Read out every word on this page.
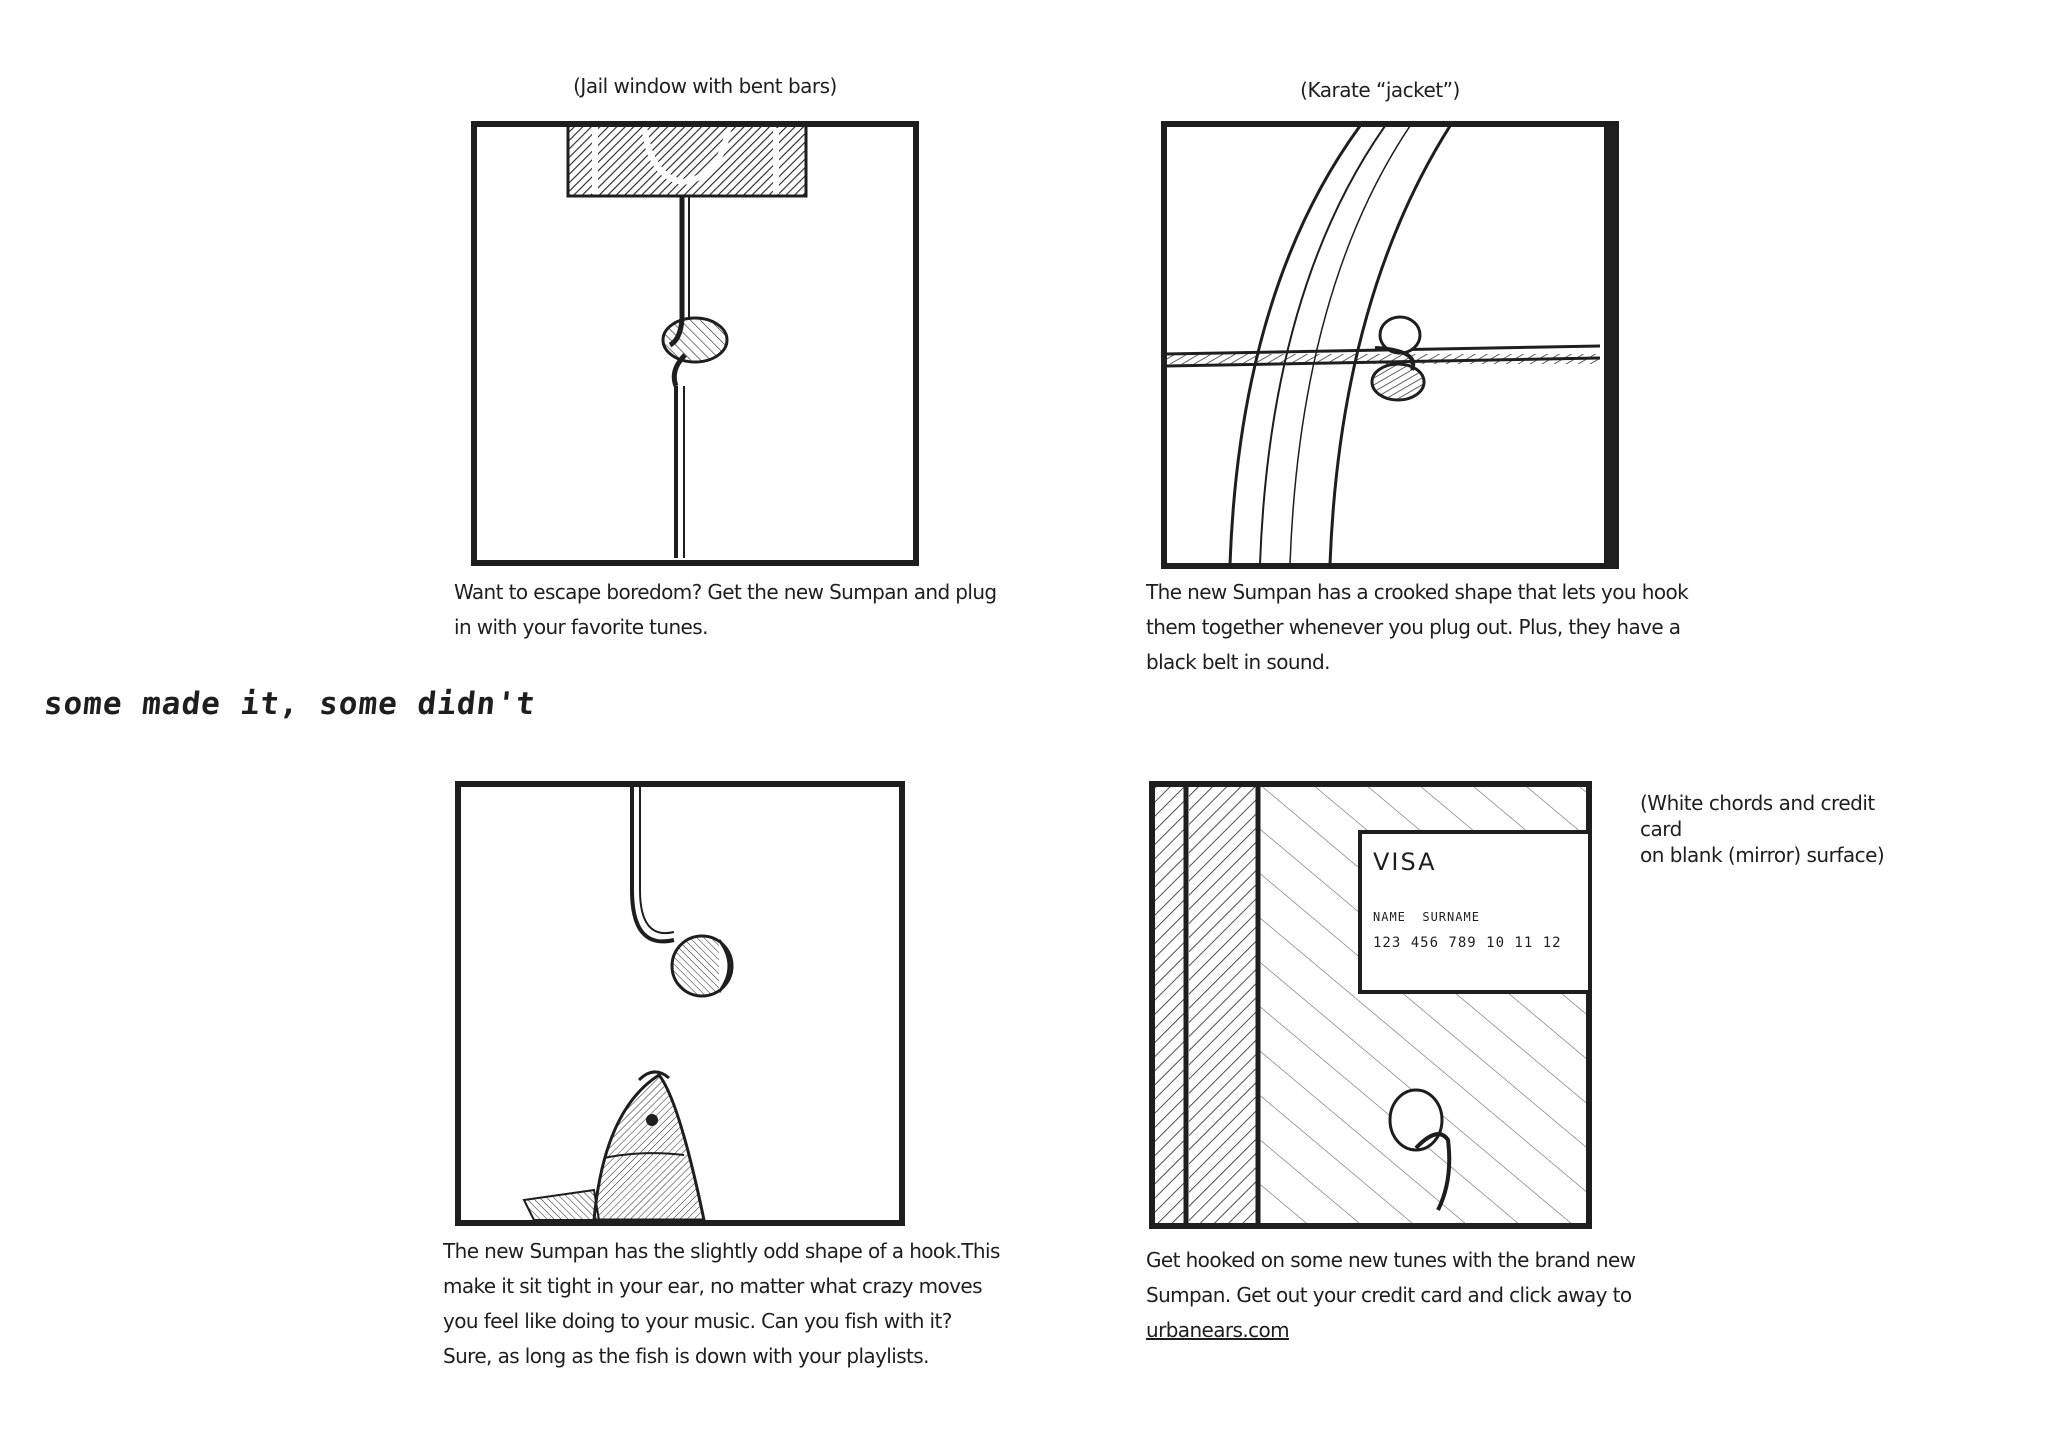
(Jail window with bent bars)	(Karate “jacket”)
(White chords and credit card
on blank (mirror) surface)
some made it, some didn't
Want to escape boredom? Get the new Sumpan and plug
in with your favorite tunes.
The new Sumpan has a crooked shape that lets you hook
them together whenever you plug out. Plus, they have a
black belt in sound.
The new Sumpan has the slightly odd shape of a hook.This
make it sit tight in your ear, no matter what crazy moves
you feel like doing to your music. Can you fish with it?
Sure, as long as the fish is down with your playlists.
VISA
NAME  SURNAME
123 456 789 10 11 12
Get hooked on some new tunes with the brand new
Sumpan. Get out your credit card and click away to
urbanears.com
